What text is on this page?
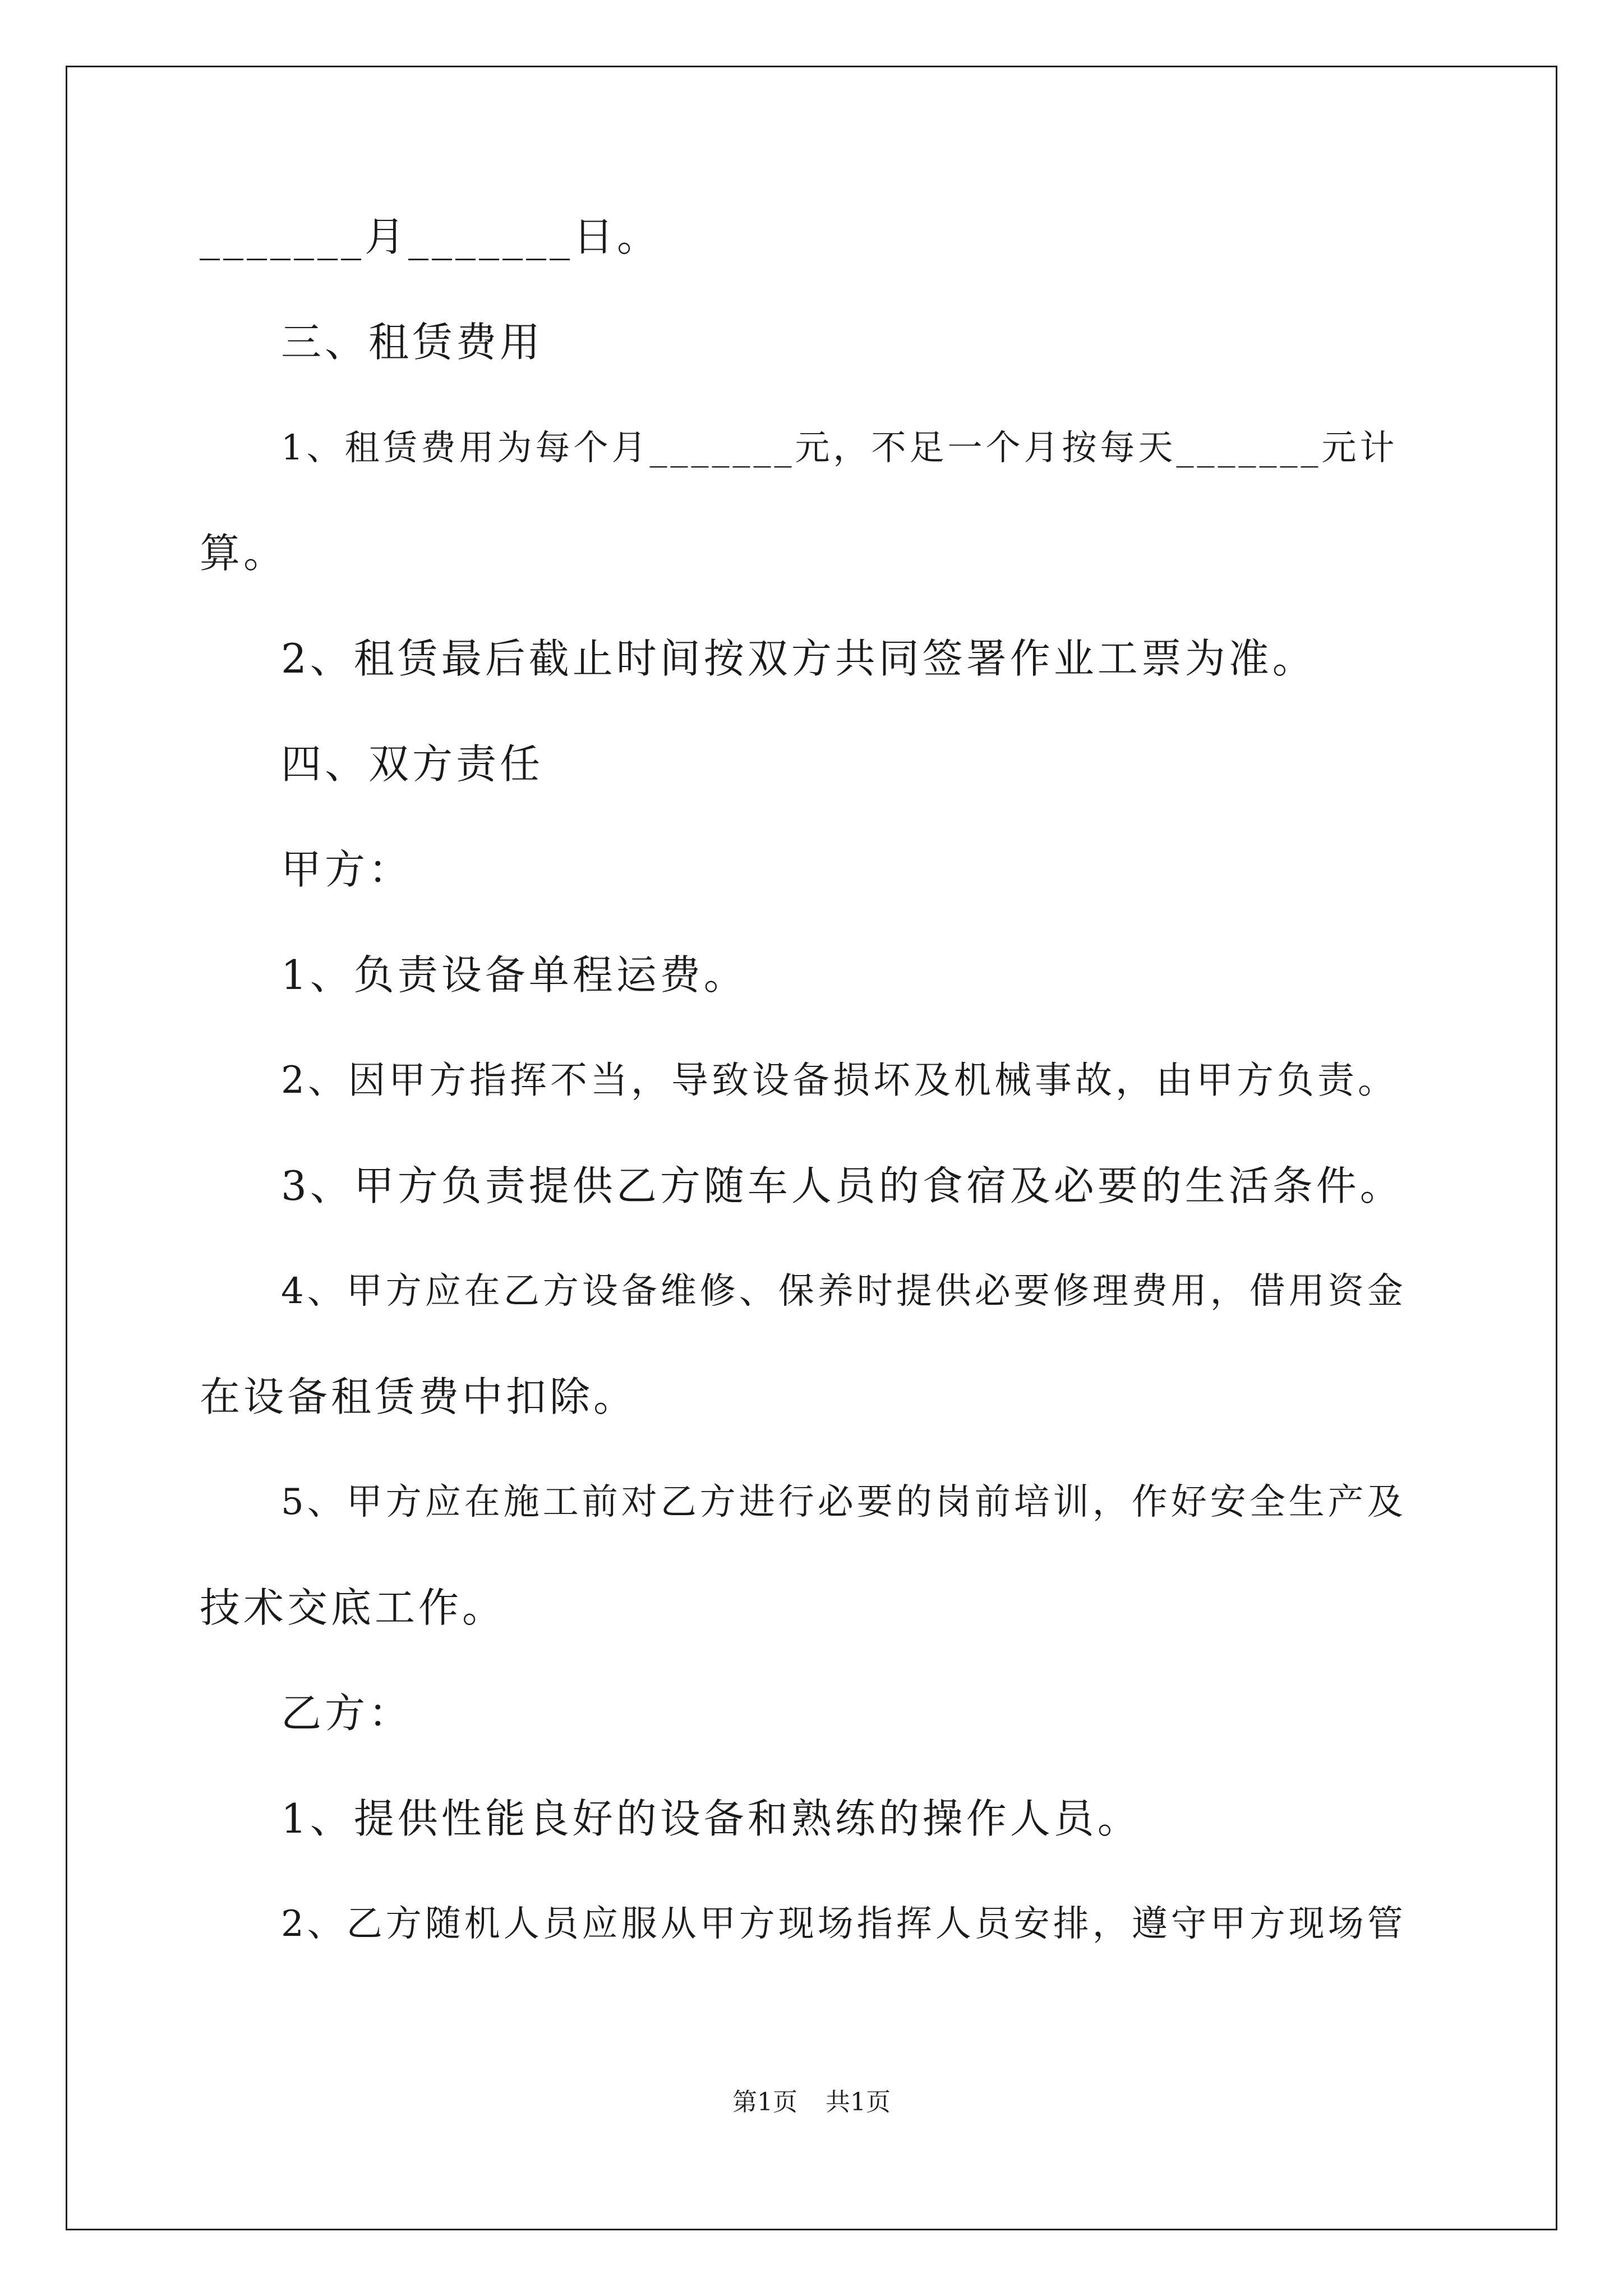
_______月_______日。
三、租赁费用
1、租赁费用为每个月_______元，不足一个月按每天_______元计
算。
2、租赁最后截止时间按双方共同签署作业工票为准。
四、双方责任
甲方：
1、负责设备单程运费。
2、因甲方指挥不当，导致设备损坏及机械事故，由甲方负责。
3、甲方负责提供乙方随车人员的食宿及必要的生活条件。
4、甲方应在乙方设备维修、保养时提供必要修理费用，借用资金
在设备租赁费中扣除。
5、甲方应在施工前对乙方进行必要的岗前培训，作好安全生产及
技术交底工作。
乙方：
1、提供性能良好的设备和熟练的操作人员。
2、乙方随机人员应服从甲方现场指挥人员安排，遵守甲方现场管
第1页 共1页
